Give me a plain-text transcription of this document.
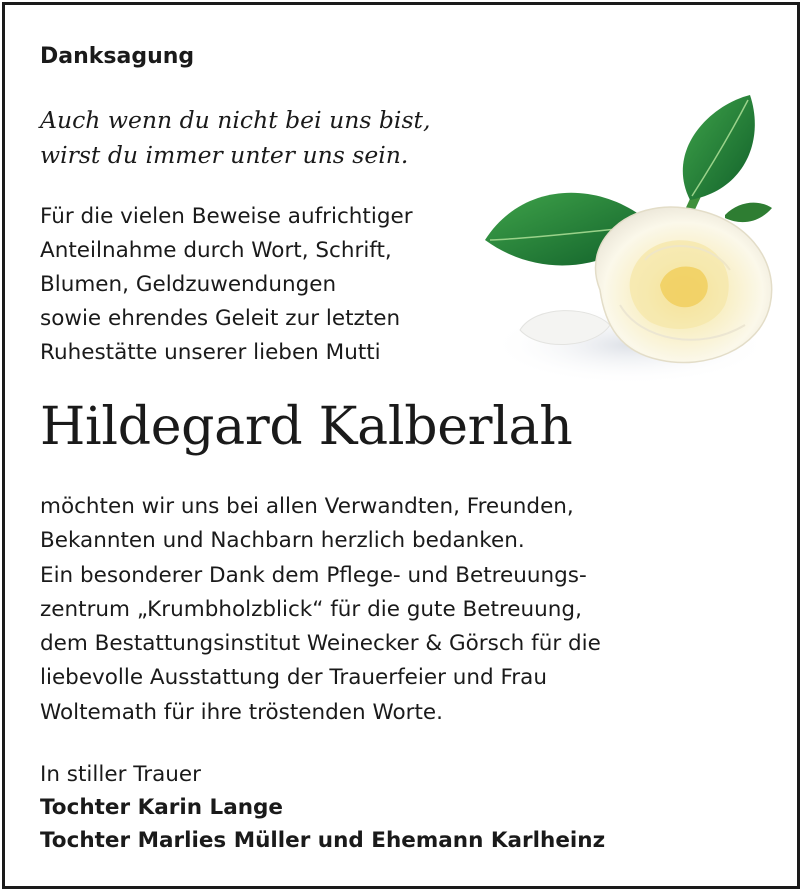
Danksagung
Auch wenn du nicht bei uns bist,
wirst du immer unter uns sein.
Für die vielen Beweise aufrichtiger
Anteilnahme durch Wort, Schrift,
Blumen, Geldzuwendungen
sowie ehrendes Geleit zur letzten
Ruhestätte unserer lieben Mutti
Hildegard Kalberlah
möchten wir uns bei allen Verwandten, Freunden,
Bekannten und Nachbarn herzlich bedanken.
Ein besonderer Dank dem Pflege- und Betreuungs-
zentrum „Krumbholzblick“ für die gute Betreuung,
dem Bestattungsinstitut Weinecker & Görsch für die
liebevolle Ausstattung der Trauerfeier und Frau
Woltemath für ihre tröstenden Worte.
In stiller Trauer
Tochter Karin Lange
Tochter Marlies Müller und Ehemann Karlheinz
